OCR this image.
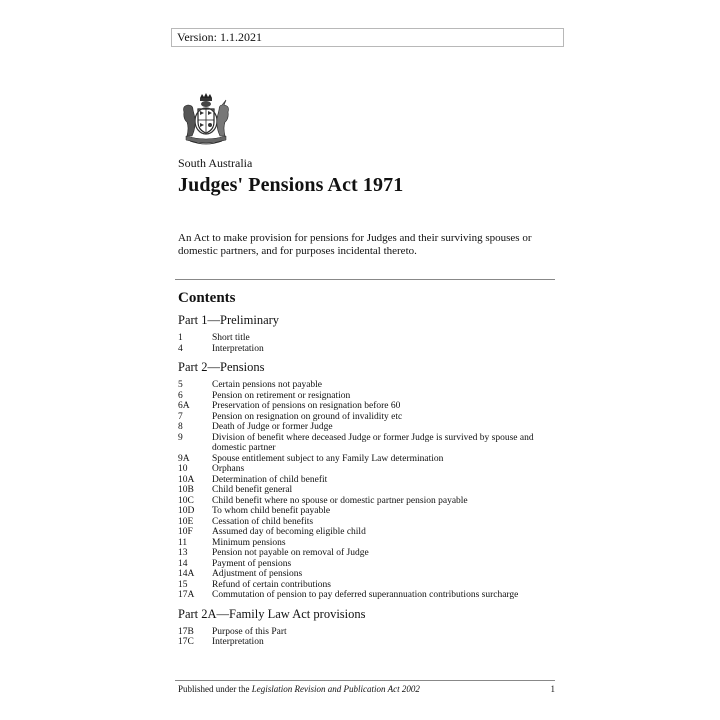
Version: 1.1.2021
South Australia
Judges' Pensions Act 1971
An Act to make provision for pensions for Judges and their surviving spouses or domestic partners, and for purposes incidental thereto.
Contents
Part 1—Preliminary
1	Short title
4	Interpretation
Part 2—Pensions
5	Certain pensions not payable
6	Pension on retirement or resignation
6A	Preservation of pensions on resignation before 60
7	Pension on resignation on ground of invalidity etc
8	Death of Judge or former Judge
9	Division of benefit where deceased Judge or former Judge is survived by spouse and domestic partner
9A	Spouse entitlement subject to any Family Law determination
10	Orphans
10A	Determination of child benefit
10B	Child benefit general
10C	Child benefit where no spouse or domestic partner pension payable
10D	To whom child benefit payable
10E	Cessation of child benefits
10F	Assumed day of becoming eligible child
11	Minimum pensions
13	Pension not payable on removal of Judge
14	Payment of pensions
14A	Adjustment of pensions
15	Refund of certain contributions
17A	Commutation of pension to pay deferred superannuation contributions surcharge
Part 2A—Family Law Act provisions
17B	Purpose of this Part
17C	Interpretation
Published under the Legislation Revision and Publication Act 2002	1
